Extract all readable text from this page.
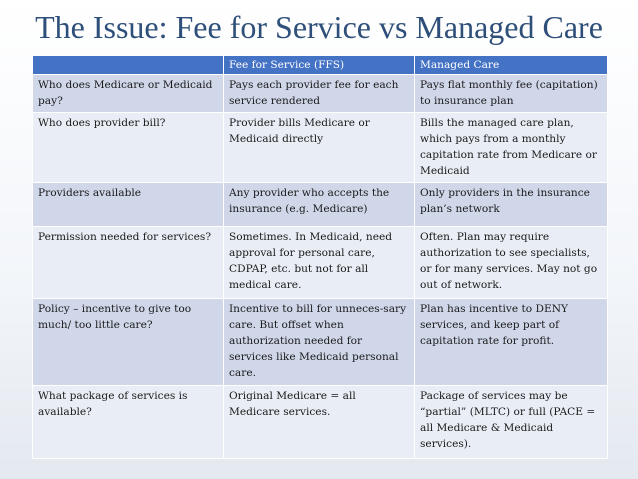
The Issue: Fee for Service vs Managed Care
	Fee for Service (FFS)	Managed Care
Who does Medicare or Medicaid pay?	Pays each provider fee for each service rendered	Pays flat monthly fee (capitation) to insurance plan
Who does provider bill?	Provider bills Medicare or Medicaid directly	Bills the managed care plan, which pays from a monthly capitation rate from Medicare or Medicaid
Providers available	Any provider who accepts the insurance (e.g. Medicare)	Only providers in the insurance plan’s network
Permission needed for services?	Sometimes. In Medicaid, need approval for personal care, CDPAP, etc. but not for all medical care.	Often. Plan may require authorization to see specialists, or for many services. May not go out of network.
Policy – incentive to give too much/ too little care?	Incentive to bill for unneces-sary care. But offset when authorization needed for services like Medicaid personal care.	Plan has incentive to DENY services, and keep part of capitation rate for profit.
What package of services is available?	Original Medicare = all Medicare services.	Package of services may be “partial” (MLTC) or full (PACE = all Medicare & Medicaid services).
